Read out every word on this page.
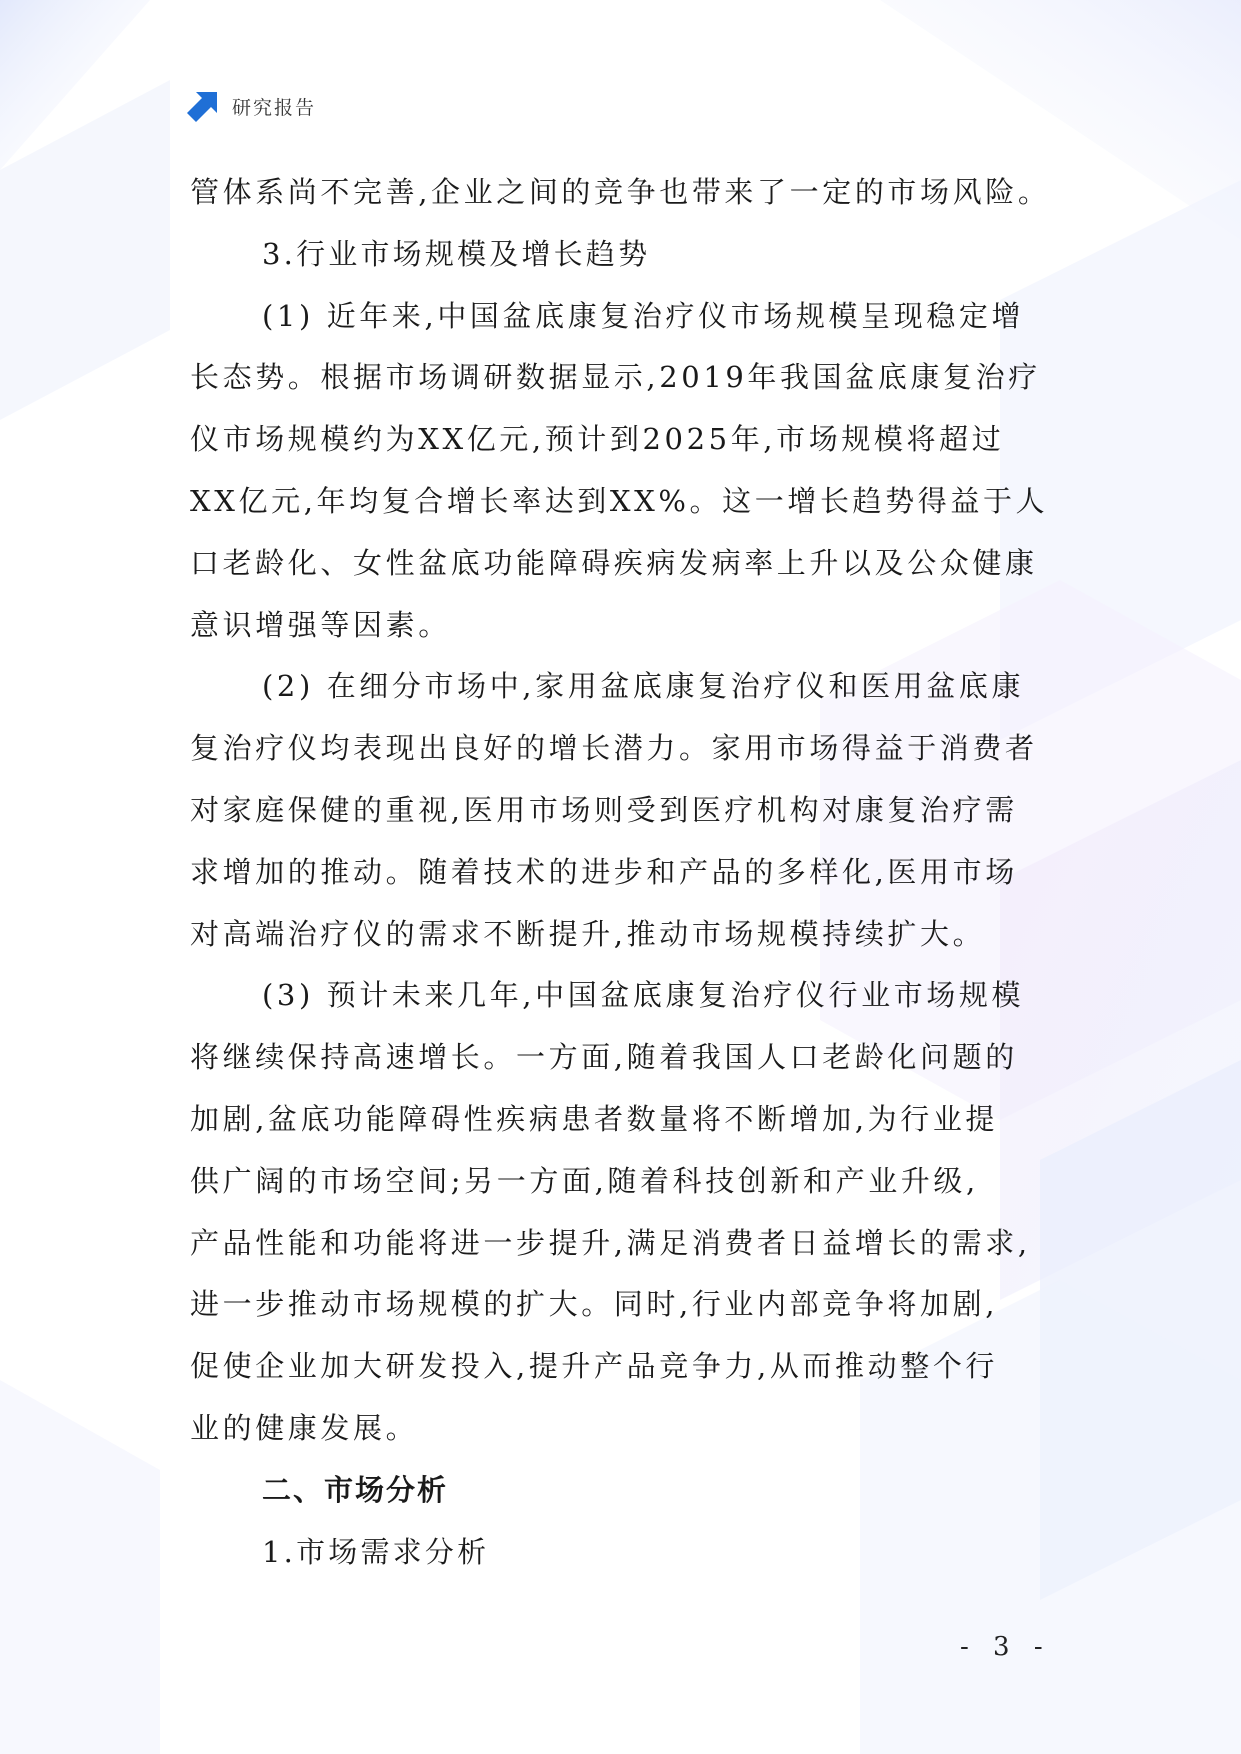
研究报告
管体系尚不完善,企业之间的竞争也带来了一定的市场风险。
3.行业市场规模及增长趋势
(1) 近年来,中国盆底康复治疗仪市场规模呈现稳定增
长态势。根据市场调研数据显示,2019年我国盆底康复治疗
仪市场规模约为XX亿元,预计到2025年,市场规模将超过
XX亿元,年均复合增长率达到XX%。这一增长趋势得益于人
口老龄化、女性盆底功能障碍疾病发病率上升以及公众健康
意识增强等因素。
(2) 在细分市场中,家用盆底康复治疗仪和医用盆底康
复治疗仪均表现出良好的增长潜力。家用市场得益于消费者
对家庭保健的重视,医用市场则受到医疗机构对康复治疗需
求增加的推动。随着技术的进步和产品的多样化,医用市场
对高端治疗仪的需求不断提升,推动市场规模持续扩大。
(3) 预计未来几年,中国盆底康复治疗仪行业市场规模
将继续保持高速增长。一方面,随着我国人口老龄化问题的
加剧,盆底功能障碍性疾病患者数量将不断增加,为行业提
供广阔的市场空间;另一方面,随着科技创新和产业升级,
产品性能和功能将进一步提升,满足消费者日益增长的需求,
进一步推动市场规模的扩大。同时,行业内部竞争将加剧,
促使企业加大研发投入,提升产品竞争力,从而推动整个行
业的健康发展。
二、市场分析
1.市场需求分析
- 3 -
